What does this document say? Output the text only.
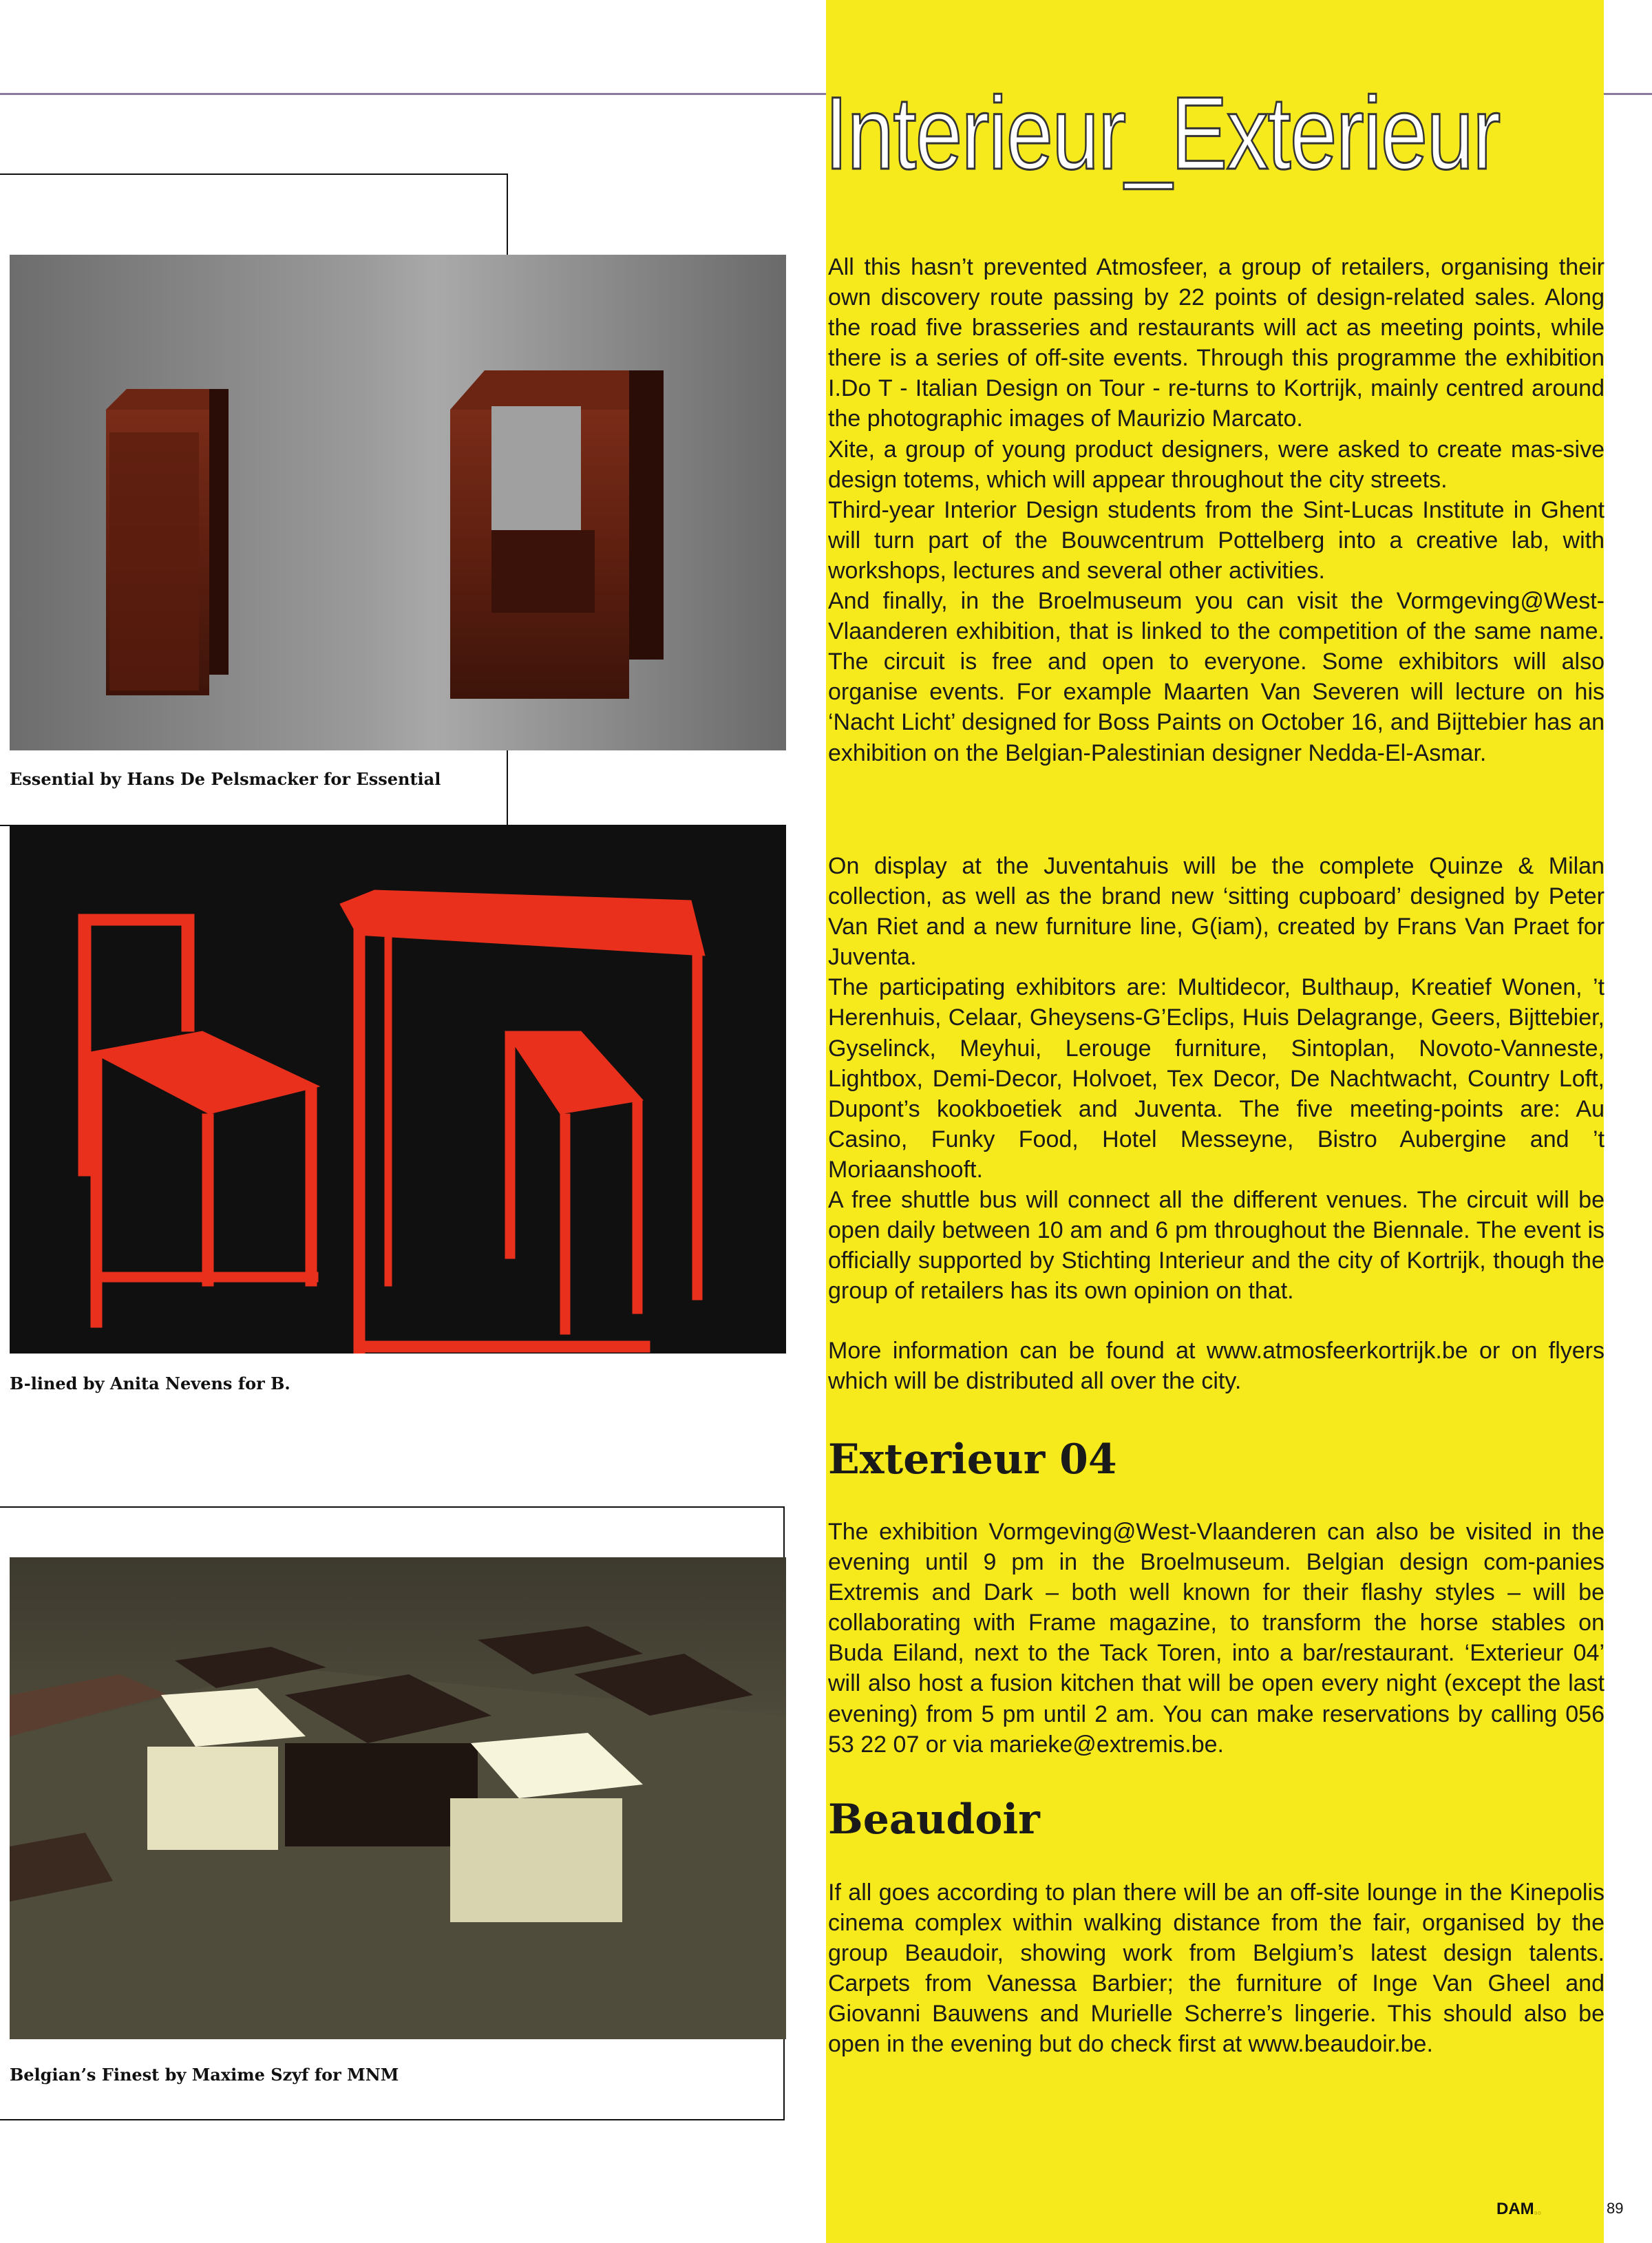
Interieur_Exterieur
Essential by Hans De Pelsmacker for Essential
B-lined by Anita Nevens for B.
Belgian’s Finest by Maxime Szyf for MNM

All this hasn’t prevented Atmosfeer, a group of retailers, organising their own discovery route passing by 22 points of design-related sales. Along the road five brasseries and restaurants will act as meeting points, while there is a series of off-site events. Through this programme the exhibition I.Do T - Italian Design on Tour - re-turns to Kortrijk, mainly centred around the photographic images of Maurizio Marcato.

Xite, a group of young product designers, were asked to create mas-sive design totems, which will appear throughout the city streets.

Third-year Interior Design students from the Sint-Lucas Institute in Ghent will turn part of the Bouwcentrum Pottelberg into a creative lab, with workshops, lectures and several other activities.

And finally, in the Broelmuseum you can visit the Vormgeving@West-Vlaanderen exhibition, that is linked to the competition of the same name. The circuit is free and open to everyone. Some exhibitors will also organise events. For example Maarten Van Severen will lecture on his ‘Nacht Licht’ designed for Boss Paints on October 16, and Bijttebier has an exhibition on the Belgian-Palestinian designer Nedda-El-Asmar.

On display at the Juventahuis will be the complete Quinze & Milan collection, as well as the brand new ‘sitting cupboard’ designed by Peter Van Riet and a new furniture line, G(iam), created by Frans Van Praet for Juventa.

The participating exhibitors are: Multidecor, Bulthaup, Kreatief Wonen, ’t Herenhuis, Celaar, Gheysens-G’Eclips, Huis Delagrange, Geers, Bijttebier, Gyselinck, Meyhui, Lerouge furniture, Sintoplan, Novoto-Vanneste, Lightbox, Demi-Decor, Holvoet, Tex Decor, De Nachtwacht, Country Loft, Dupont’s kookboetiek and Juventa. The five meeting-points are: Au Casino, Funky Food, Hotel Messeyne, Bistro Aubergine and ’t Moriaanshooft.

A free shuttle bus will connect all the different venues. The circuit will be open daily between 10 am and 6 pm throughout the Biennale. The event is officially supported by Stichting Interieur and the city of Kortrijk, though the group of retailers has its own opinion on that.

More information can be found at www.atmosfeerkortrijk.be or on flyers which will be distributed all over the city.

Exterieur 04

The exhibition Vormgeving@West-Vlaanderen can also be visited in the evening until 9 pm in the Broelmuseum. Belgian design com-panies Extremis and Dark – both well known for their flashy styles – will be collaborating with Frame magazine, to transform the horse stables on Buda Eiland, next to the Tack Toren, into a bar/restaurant. ‘Exterieur 04’ will also host a fusion kitchen that will be open every night (except the last evening) from 5 pm until 2 am. You can make reservations by calling 056 53 22 07 or via marieke@extremis.be.

Beaudoir

If all goes according to plan there will be an off-site lounge in the Kinepolis cinema complex within walking distance from the fair, organised by the group Beaudoir, showing work from Belgium’s latest design talents. Carpets from Vanessa Barbier; the furniture of Inge Van Gheel and Giovanni Bauwens and Murielle Scherre’s lingerie. This should also be open in the evening but do check first at www.beaudoir.be.

DAM₉₀	89
